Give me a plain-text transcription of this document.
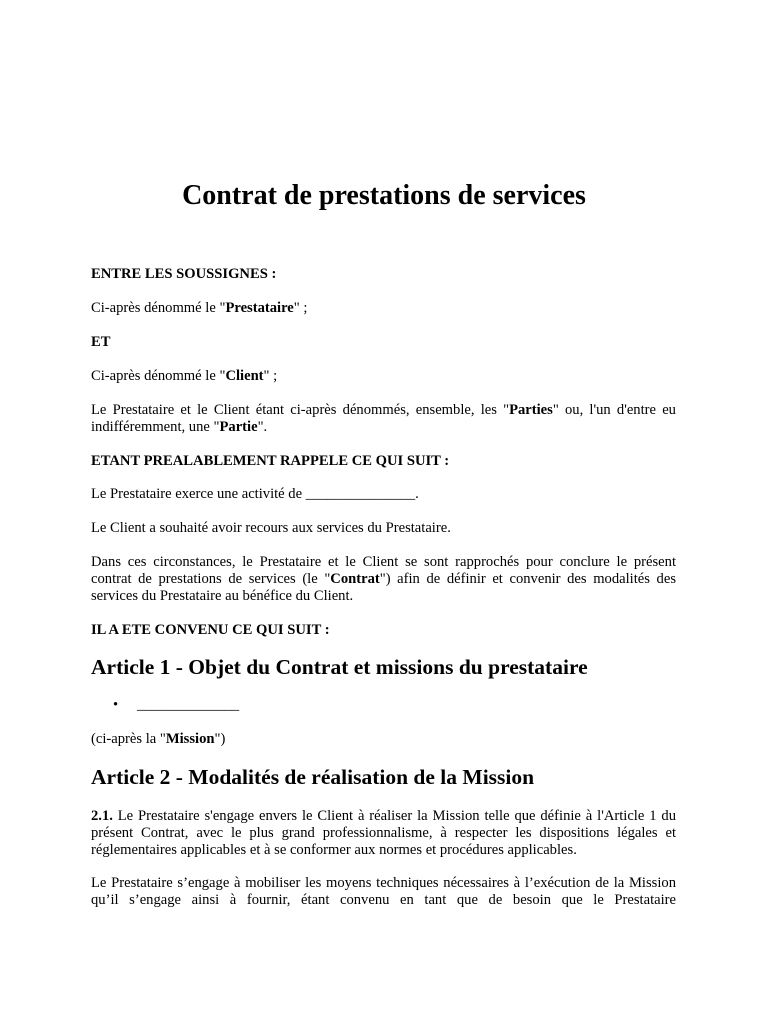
Contrat de prestations de services

ENTRE LES SOUSSIGNES :

Ci-après dénommé le "Prestataire" ;

ET

Ci-après dénommé le "Client" ;

Le Prestataire et le Client étant ci-après dénommés, ensemble, les "Parties" ou, l'un d'entre eu indifféremment, une "Partie".

ETANT PREALABLEMENT RAPPELE CE QUI SUIT :

Le Prestataire exerce une activité de _______________.

Le Client a souhaité avoir recours aux services du Prestataire.

Dans ces circonstances, le Prestataire et le Client se sont rapprochés pour conclure le présent contrat de prestations de services (le "Contrat") afin de définir et convenir des modalités des services du Prestataire au bénéfice du Client.

IL A ETE CONVENU CE QUI SUIT :

Article 1 - Objet du Contrat et missions du prestataire
• ______________

(ci-après la "Mission")

Article 2 - Modalités de réalisation de la Mission

2.1. Le Prestataire s'engage envers le Client à réaliser la Mission telle que définie à l'Article 1 du présent Contrat, avec le plus grand professionnalisme, à respecter les dispositions légales et réglementaires applicables et à se conformer aux normes et procédures applicables.

Le Prestataire s’engage à mobiliser les moyens techniques nécessaires à l’exécution de la Mission qu’il s’engage ainsi à fournir, étant convenu en tant que de besoin que le Prestataire
